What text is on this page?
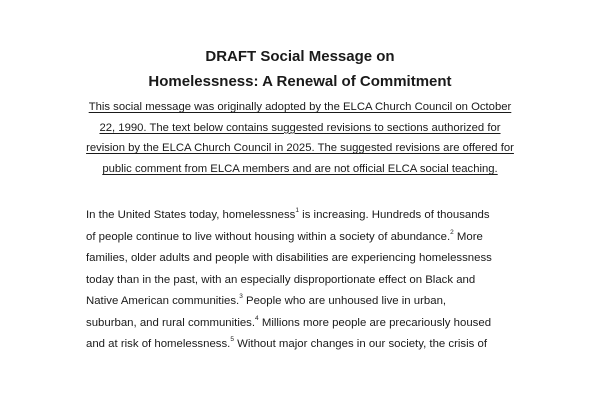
DRAFT Social Message on
Homelessness: A Renewal of Commitment

This social message was originally adopted by the ELCA Church Council on October
22, 1990. The text below contains suggested revisions to sections authorized for
revision by the ELCA Church Council in 2025. The suggested revisions are offered for
public comment from ELCA members and are not official ELCA social teaching.

In the United States today, homelessness$^1$ is increasing. Hundreds of thousands
of people continue to live without housing within a society of abundance.$^2$ More
families, older adults and people with disabilities are experiencing homelessness
today than in the past, with an especially disproportionate effect on Black and
Native American communities.$^3$ People who are unhoused live in urban,
suburban, and rural communities.$^4$ Millions more people are precariously housed
and at risk of homelessness.$^5$ Without major changes in our society, the crisis of
